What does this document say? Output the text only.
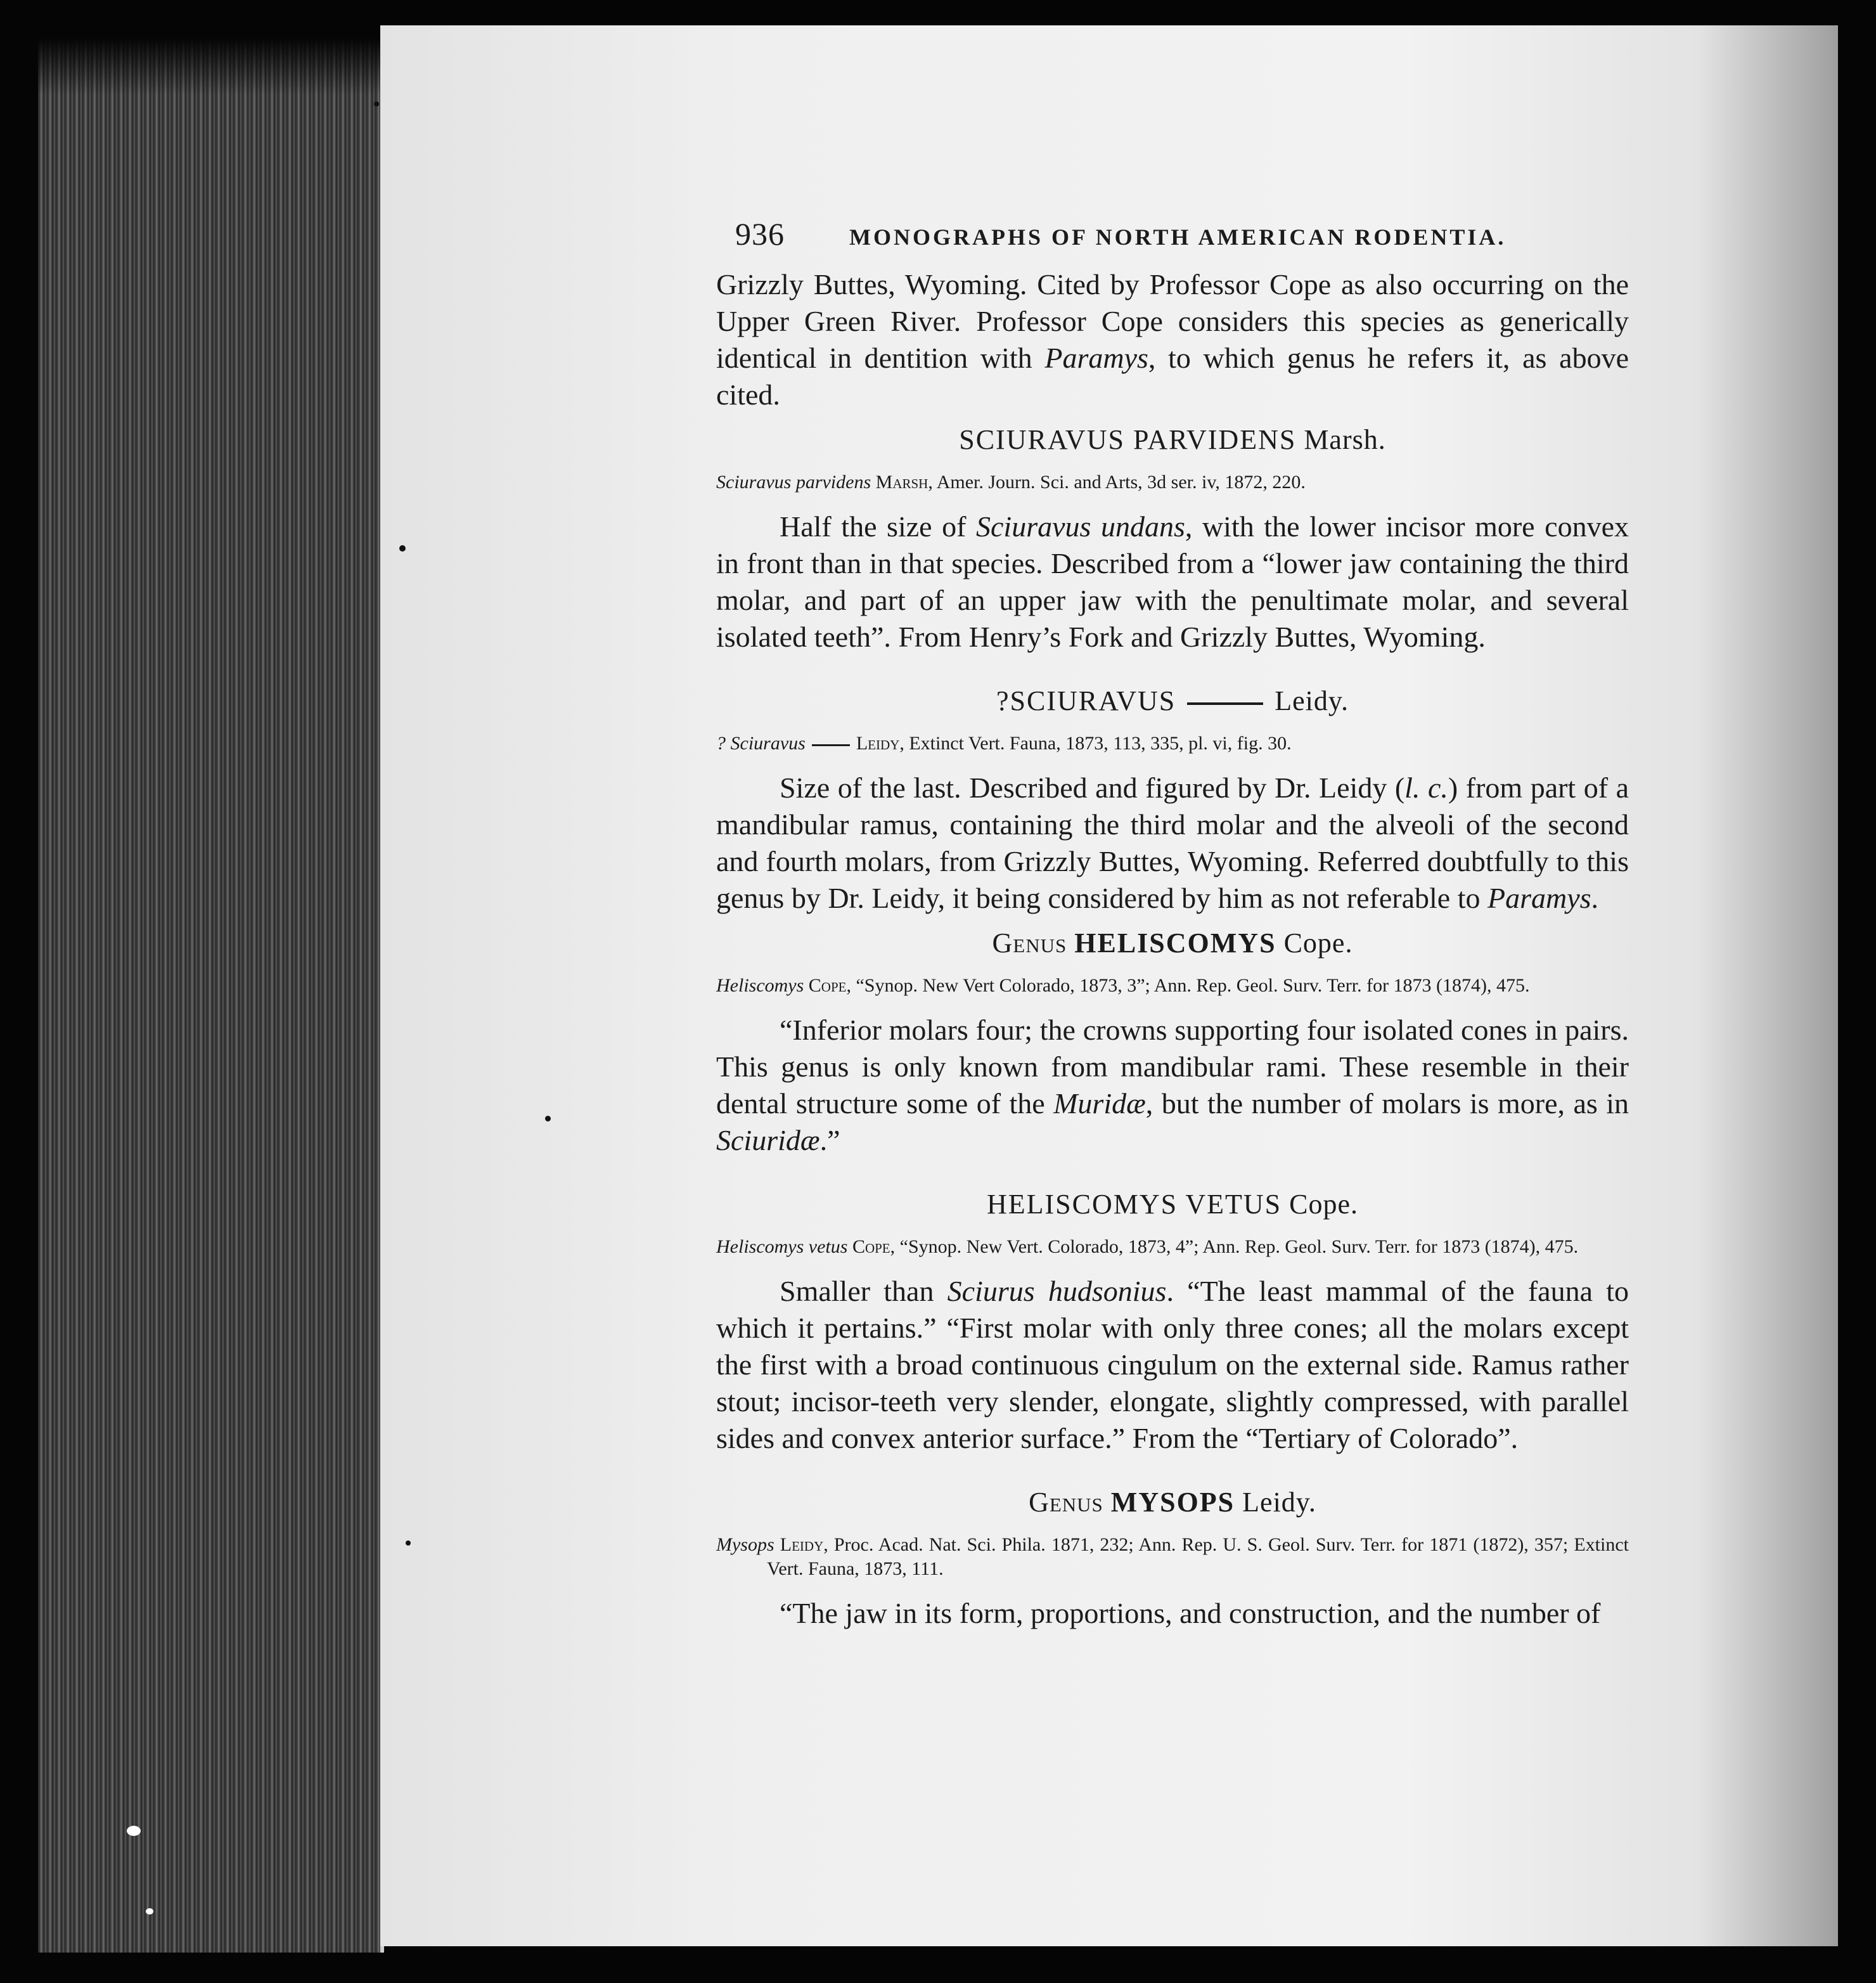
936	MONOGRAPHS OF NORTH AMERICAN RODENTIA.

Grizzly Buttes, Wyoming. Cited by Professor Cope as also occurring on the Upper Green River. Professor Cope considers this species as generically identical in dentition with Paramys, to which genus he refers it, as above cited.

SCIURAVUS PARVIDENS Marsh.

Sciuravus parvidens Marsh, Amer. Journ. Sci. and Arts, 3d ser. iv, 1872, 220.

Half the size of Sciuravus undans, with the lower incisor more convex in front than in that species. Described from a “lower jaw containing the third molar, and part of an upper jaw with the penultimate molar, and several isolated teeth”. From Henry’s Fork and Grizzly Buttes, Wyoming.

?SCIURAVUS	Leidy.

? Sciuravus	Leidy, Extinct Vert. Fauna, 1873, 113, 335, pl. vi, fig. 30.

Size of the last. Described and figured by Dr. Leidy (l. c.) from part of a mandibular ramus, containing the third molar and the alveoli of the second and fourth molars, from Grizzly Buttes, Wyoming. Referred doubtfully to this genus by Dr. Leidy, it being considered by him as not referable to Paramys.

Genus HELISCOMYS Cope.

Heliscomys Cope, “Synop. New Vert Colorado, 1873, 3”; Ann. Rep. Geol. Surv. Terr. for 1873 (1874), 475.

“Inferior molars four; the crowns supporting four isolated cones in pairs. This genus is only known from mandibular rami. These resemble in their dental structure some of the Muridæ, but the number of molars is more, as in Sciuridæ.”

HELISCOMYS VETUS Cope.

Heliscomys vetus Cope, “Synop. New Vert. Colorado, 1873, 4”; Ann. Rep. Geol. Surv. Terr. for 1873 (1874), 475.

Smaller than Sciurus hudsonius. “The least mammal of the fauna to which it pertains.” “First molar with only three cones; all the molars except the first with a broad continuous cingulum on the external side. Ramus rather stout; incisor-teeth very slender, elongate, slightly compressed, with parallel sides and convex anterior surface.” From the “Tertiary of Colorado”.

Genus MYSOPS Leidy.

Mysops Leidy, Proc. Acad. Nat. Sci. Phila. 1871, 232; Ann. Rep. U. S. Geol. Surv. Terr. for 1871 (1872), 357; Extinct Vert. Fauna, 1873, 111.

“The jaw in its form, proportions, and construction, and the number of
